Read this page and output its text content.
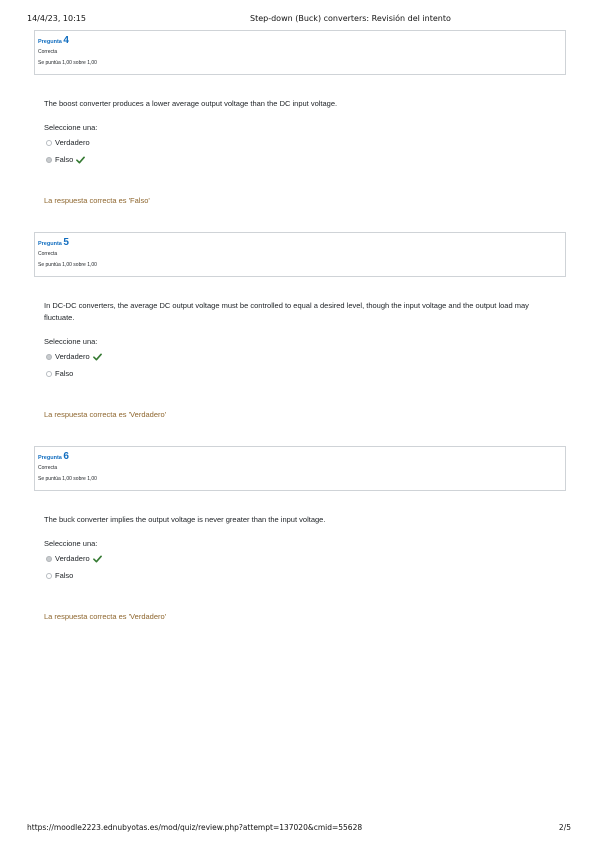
14/4/23, 10:15	Step-down (Buck) converters: Revisión del intento
Pregunta 4
Correcta
Se puntúa 1,00 sobre 1,00
The boost converter produces a lower average output voltage than the DC input voltage.
Seleccione una:
Verdadero
Falso
La respuesta correcta es 'Falso'
Pregunta 5
Correcta
Se puntúa 1,00 sobre 1,00
In DC-DC converters, the average DC output voltage must be controlled to equal a desired level, though the input voltage and the output load may fluctuate.
Seleccione una:
Verdadero
Falso
La respuesta correcta es 'Verdadero'
Pregunta 6
Correcta
Se puntúa 1,00 sobre 1,00
The buck converter implies the output voltage is never greater than the input voltage.
Seleccione una:
Verdadero
Falso
La respuesta correcta es 'Verdadero'
https://moodle2223.ednubyotas.es/mod/quiz/review.php?attempt=137020&cmid=55628	2/5
